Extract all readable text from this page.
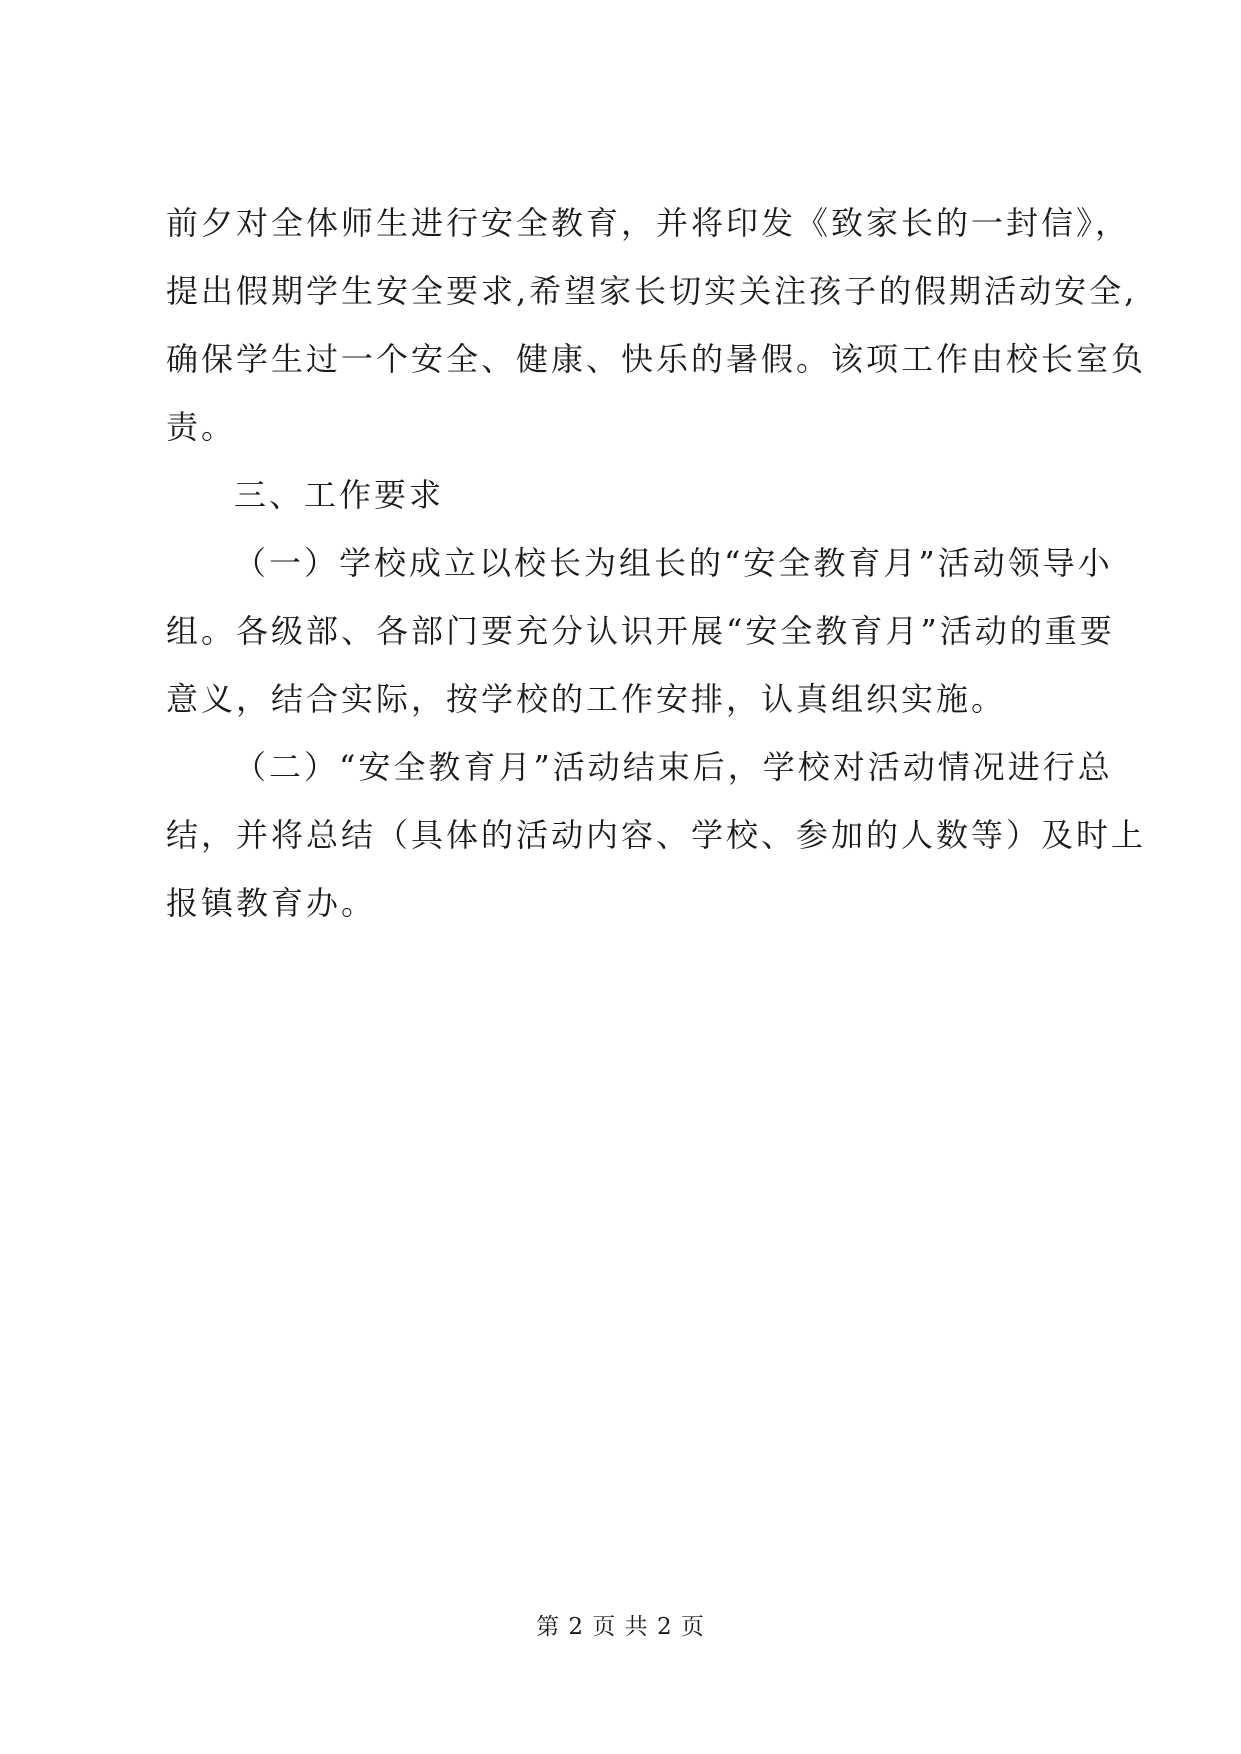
前夕对全体师生进行安全教育，并将印发《致家长的一封信》，
提出假期学生安全要求,希望家长切实关注孩子的假期活动安全,
确保学生过一个安全、健康、快乐的暑假。该项工作由校长室负
责。
三、工作要求
（一）学校成立以校长为组长的“安全教育月”活动领导小
组。各级部、各部门要充分认识开展“安全教育月”活动的重要
意义，结合实际，按学校的工作安排，认真组织实施。
（二）“安全教育月”活动结束后，学校对活动情况进行总
结，并将总结（具体的活动内容、学校、参加的人数等）及时上
报镇教育办。
第 2 页 共 2 页
